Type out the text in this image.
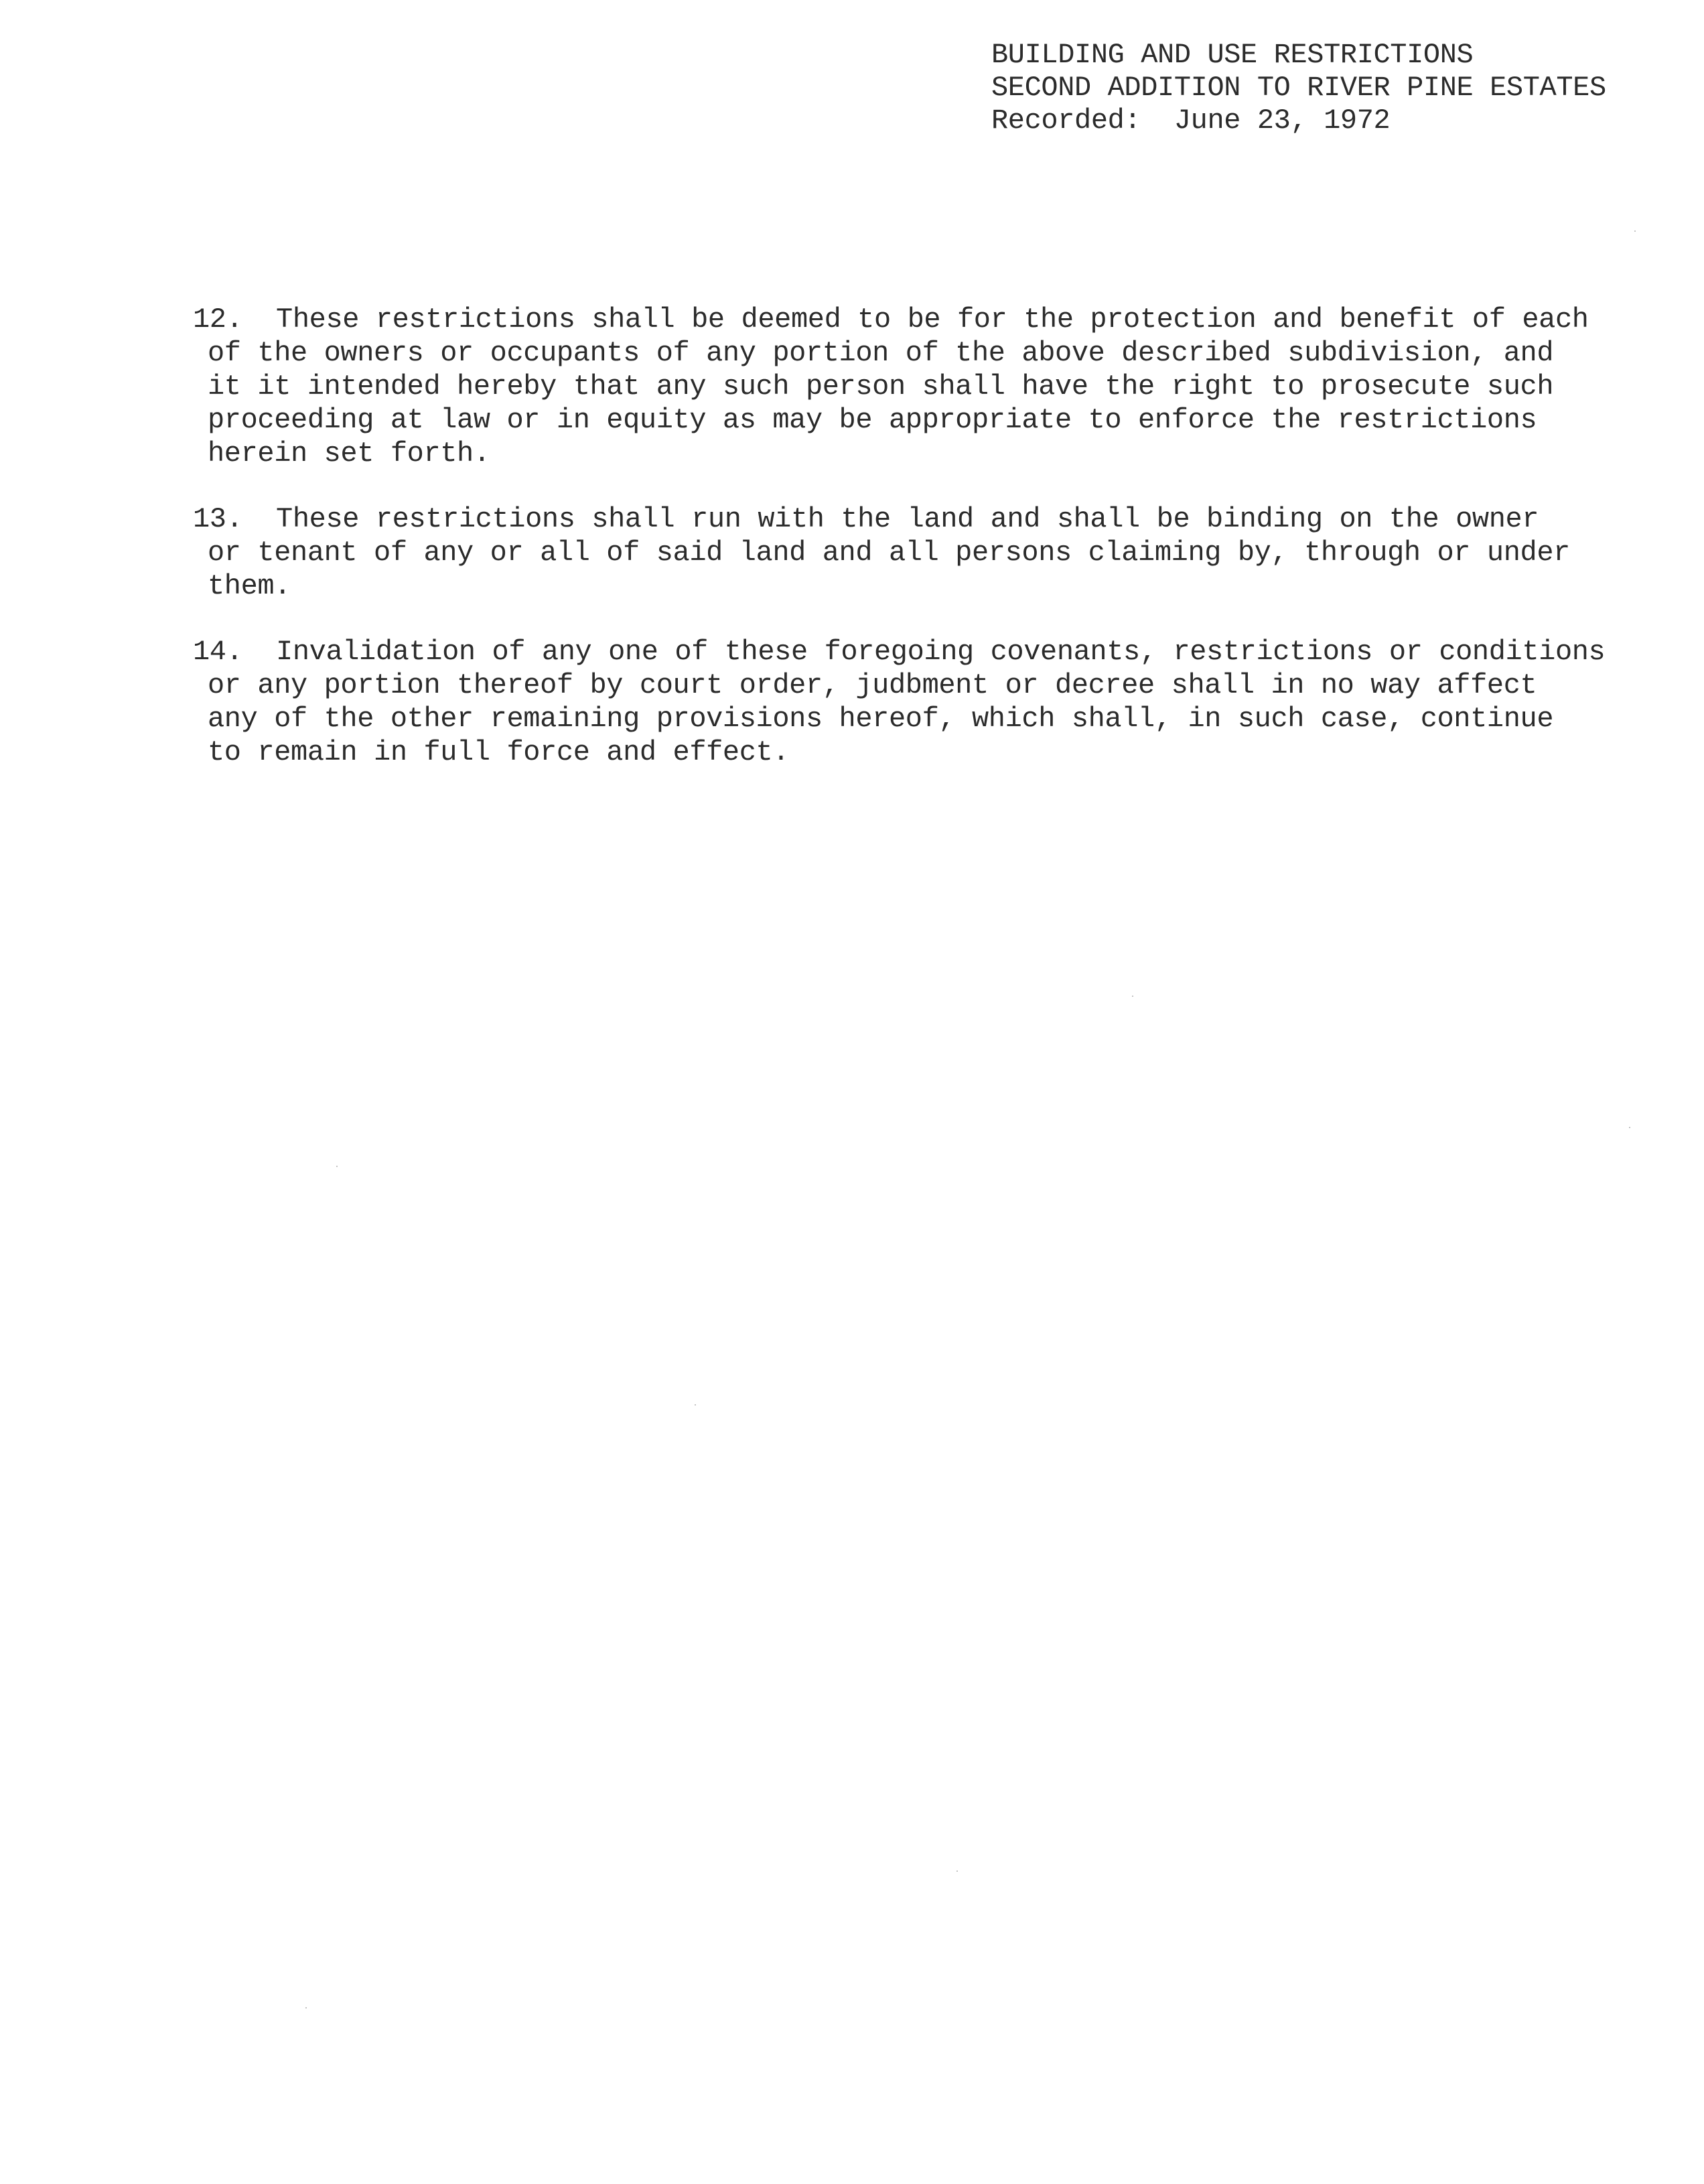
BUILDING AND USE RESTRICTIONS
SECOND ADDITION TO RIVER PINE ESTATES
Recorded:  June 23, 1972
12.  These restrictions shall be deemed to be for the protection and benefit of each
of the owners or occupants of any portion of the above described subdivision, and
it it intended hereby that any such person shall have the right to prosecute such
proceeding at law or in equity as may be appropriate to enforce the restrictions
herein set forth.
13.  These restrictions shall run with the land and shall be binding on the owner
or tenant of any or all of said land and all persons claiming by, through or under
them.
14.  Invalidation of any one of these foregoing covenants, restrictions or conditions
or any portion thereof by court order, judbment or decree shall in no way affect
any of the other remaining provisions hereof, which shall, in such case, continue
to remain in full force and effect.
